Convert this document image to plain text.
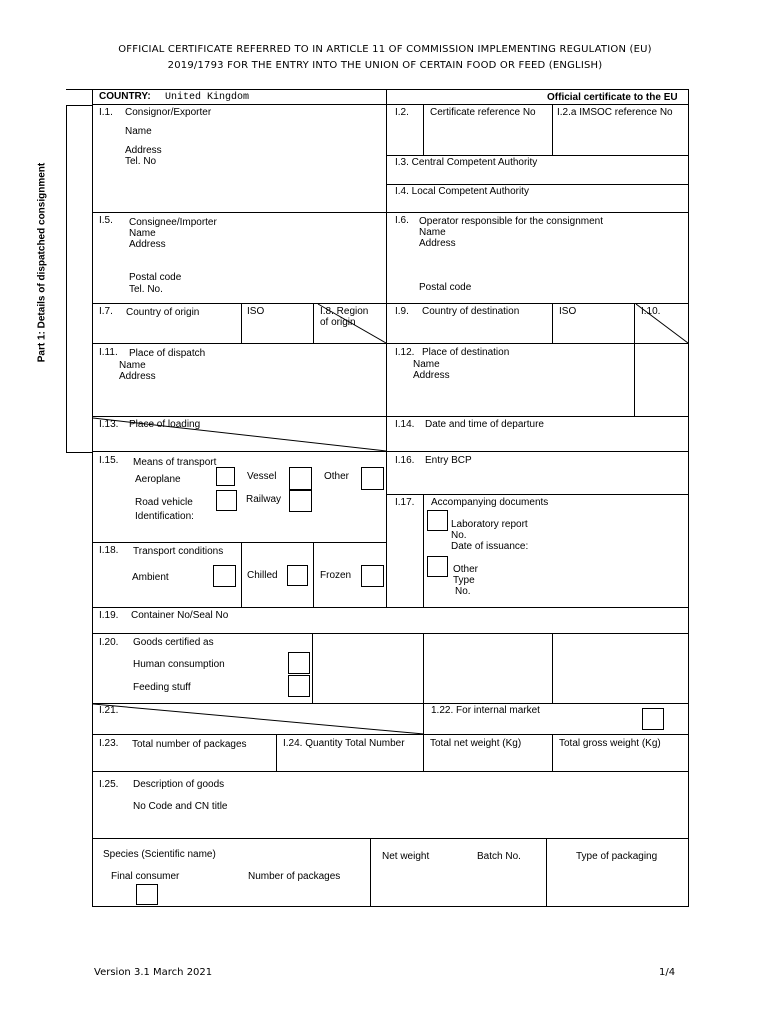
OFFICIAL CERTIFICATE REFERRED TO IN ARTICLE 11 OF COMMISSION IMPLEMENTING REGULATION (EU)
2019/1793 FOR THE ENTRY INTO THE UNION OF CERTAIN FOOD OR FEED (ENGLISH)
Part 1: Details of dispatched consignment
COUNTRY: United Kingdom	Official certificate to the EU
I.1. Consignor/Exporter
Name
Address
Tel. No
I.2. Certificate reference No I.2.a IMSOC reference No
I.3. Central Competent Authority
I.4. Local Competent Authority
I.5. Consignee/Importer
Name
Address
Postal code
Tel. No.
I.6. Operator responsible for the consignment
Name
Address
Postal code
I.7. Country of origin	ISO	I.8. Region
of origin
I.9. Country of destination	ISO	I.10.
I.11. Place of dispatch
Name
Address
I.12. Place of destination
Name
Address
I.13. Place of loading	I.14. Date and time of departure
I.15. Means of transport
Aeroplane	Vessel	Other
Road vehicle	Railway
Identification:
I.16. Entry BCP
I.17. Accompanying documents
Laboratory report
No.
Date of issuance:
Other
Type
No.
I.18. Transport conditions
Ambient	Chilled	Frozen
I.19. Container No/Seal No
I.20. Goods certified as
Human consumption
Feeding stuff
I.21.	1.22. For internal market
I.23. Total number of packages	I.24. Quantity Total Number	Total net weight (Kg)	Total gross weight (Kg)
I.25. Description of goods
No Code and CN title
Species (Scientific name)	Net weight	Batch No.	Type of packaging
Final consumer	Number of packages
Version 3.1 March 2021	1/4
